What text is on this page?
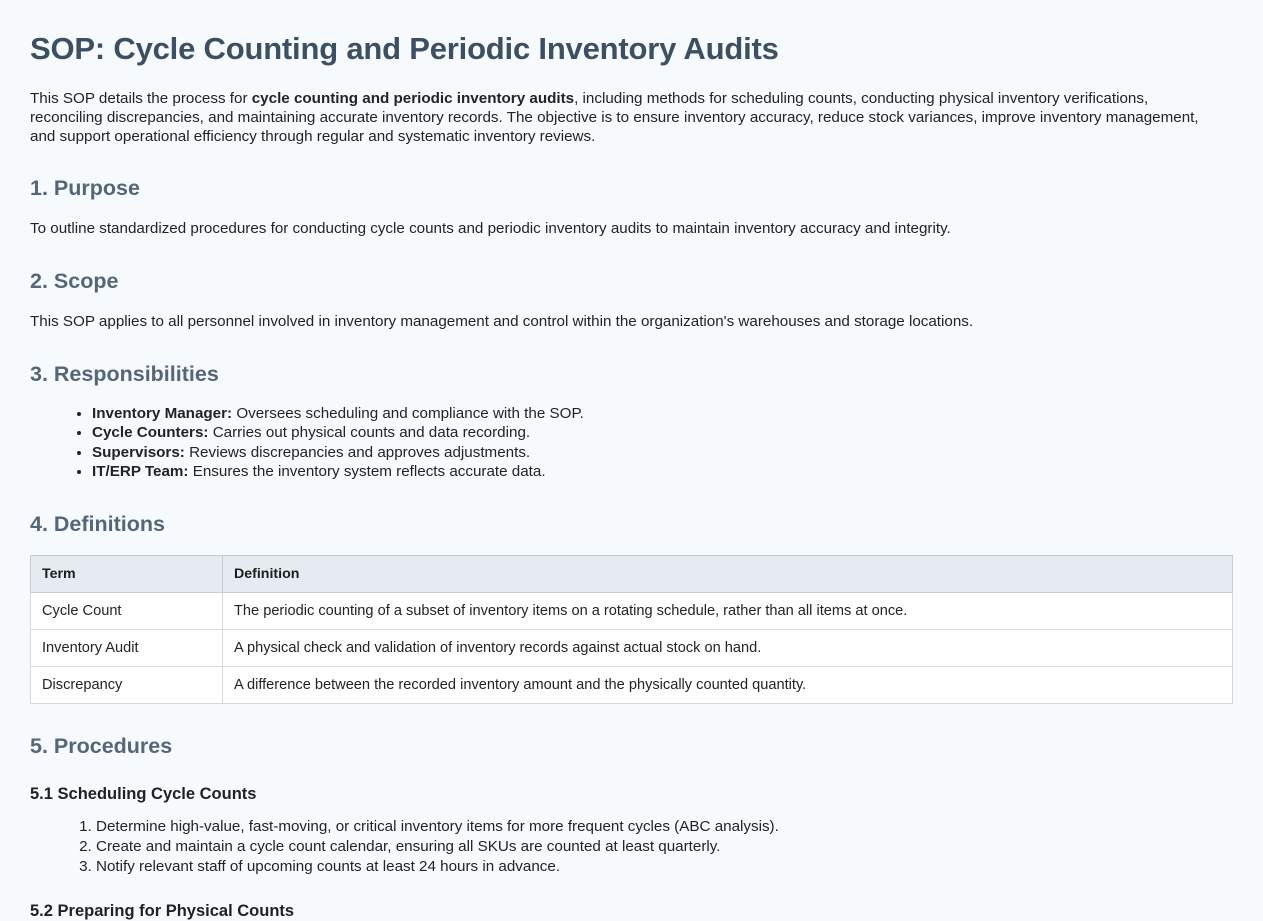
SOP: Cycle Counting and Periodic Inventory Audits

This SOP details the process for cycle counting and periodic inventory audits, including methods for scheduling counts, conducting physical inventory verifications, reconciling discrepancies, and maintaining accurate inventory records. The objective is to ensure inventory accuracy, reduce stock variances, improve inventory management, and support operational efficiency through regular and systematic inventory reviews.

1. Purpose

To outline standardized procedures for conducting cycle counts and periodic inventory audits to maintain inventory accuracy and integrity.

2. Scope

This SOP applies to all personnel involved in inventory management and control within the organization's warehouses and storage locations.

3. Responsibilities
• Inventory Manager: Oversees scheduling and compliance with the SOP.
• Cycle Counters: Carries out physical counts and data recording.
• Supervisors: Reviews discrepancies and approves adjustments.
• IT/ERP Team: Ensures the inventory system reflects accurate data.
4. Definitions
Term	Definition
Cycle Count	The periodic counting of a subset of inventory items on a rotating schedule, rather than all items at once.
Inventory Audit	A physical check and validation of inventory records against actual stock on hand.
Discrepancy	A difference between the recorded inventory amount and the physically counted quantity.
5. Procedures
5.1 Scheduling Cycle Counts
1. Determine high-value, fast-moving, or critical inventory items for more frequent cycles (ABC analysis).
2. Create and maintain a cycle count calendar, ensuring all SKUs are counted at least quarterly.
3. Notify relevant staff of upcoming counts at least 24 hours in advance.
5.2 Preparing for Physical Counts
